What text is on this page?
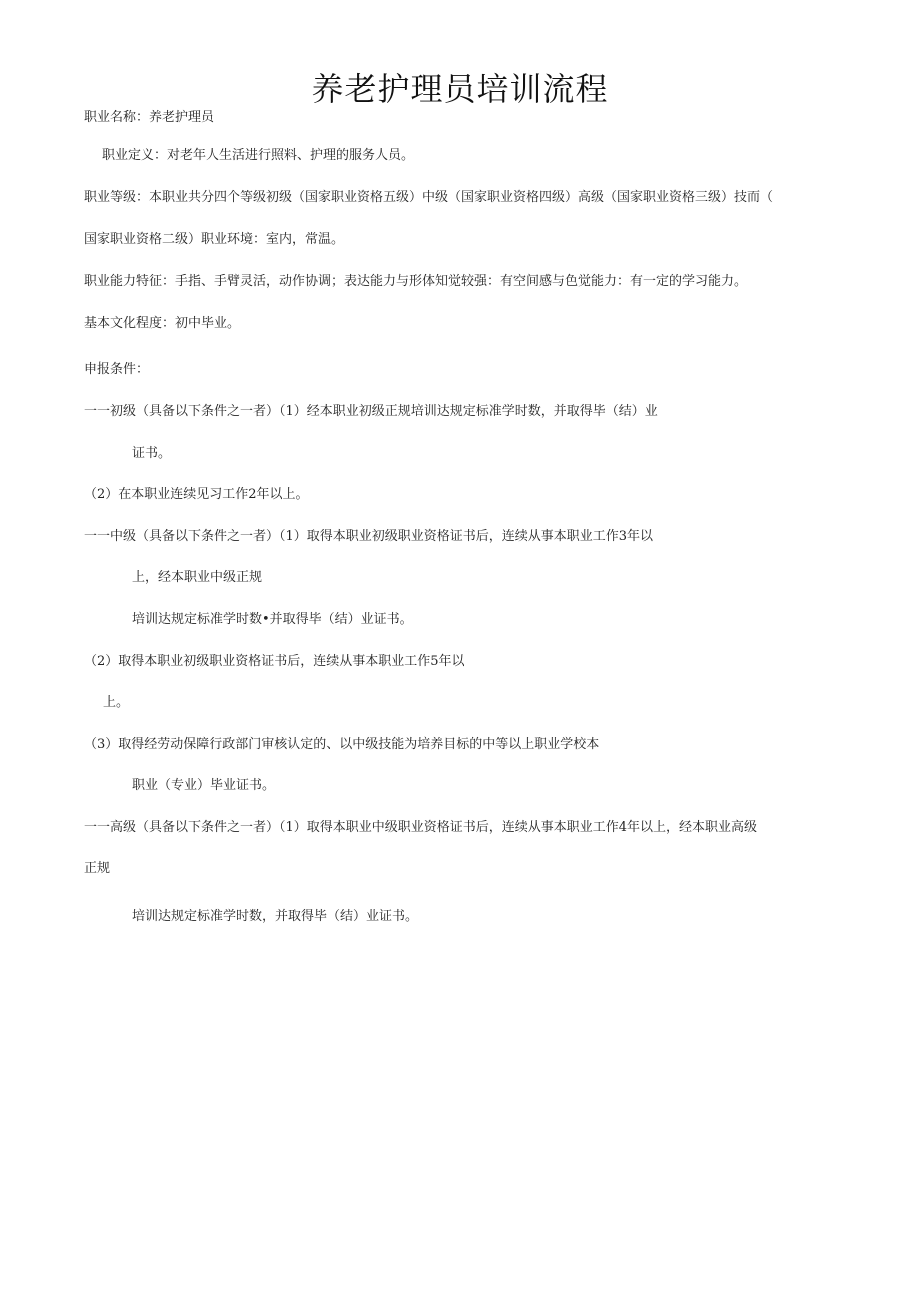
养老护理员培训流程
职业名称：养老护理员
职业定义：对老年人生活进行照料、护理的服务人员。
职业等级：本职业共分四个等级初级（国家职业资格五级）中级（国家职业资格四级）高级（国家职业资格三级）技而（
国家职业资格二级）职业环境：室内，常温。
职业能力特征：手指、手臂灵活，动作协调；表达能力与形体知觉较强：有空间感与色觉能力：有一定的学习能力。
基本文化程度：初中毕业。
申报条件：
一一初级（具备以下条件之一者）（1）经本职业初级正规培训达规定标准学时数，并取得毕（结）业
证书。
（2）在本职业连续见习工作2年以上。
一一中级（具备以下条件之一者）（1）取得本职业初级职业资格证书后，连续从事本职业工作3年以
上，经本职业中级正规
培训达规定标准学时数•并取得毕（结）业证书。
（2）取得本职业初级职业资格证书后，连续从事本职业工作5年以
上。
（3）取得经劳动保障行政部门审核认定的、以中级技能为培养目标的中等以上职业学校本
职业（专业）毕业证书。
一一高级（具备以下条件之一者）（1）取得本职业中级职业资格证书后，连续从事本职业工作4年以上，经本职业高级
正规
培训达规定标准学时数，并取得毕（结）业证书。
